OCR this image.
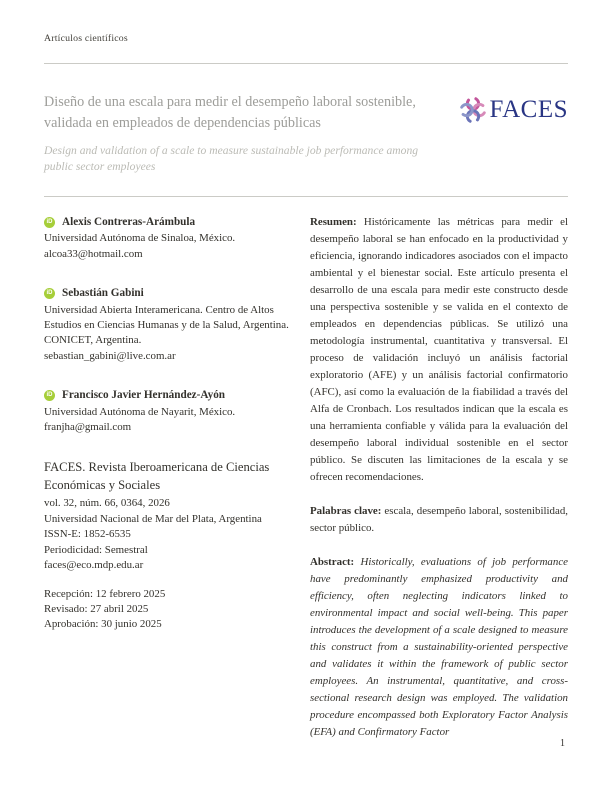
Artículos científicos
Diseño de una escala para medir el desempeño laboral sostenible, validada en empleados de dependencias públicas
Design and validation of a scale to measure sustainable job performance among public sector employees
FACES
iD Alexis Contreras-Arámbula
Universidad Autónoma de Sinaloa, México.
alcoa33@hotmail.com
iD Sebastián Gabini
Universidad Abierta Interamericana. Centro de Altos Estudios en Ciencias Humanas y de la Salud, Argentina.
CONICET, Argentina.
sebastian_gabini@live.com.ar
iD Francisco Javier Hernández-Ayón
Universidad Autónoma de Nayarit, México.
franjha@gmail.com
FACES. Revista Iberoamericana de Ciencias Económicas y Sociales
vol. 32, núm. 66, 0364, 2026
Universidad Nacional de Mar del Plata, Argentina
ISSN-E: 1852-6535
Periodicidad: Semestral
faces@eco.mdp.edu.ar
Recepción: 12 febrero 2025
Revisado: 27 abril 2025
Aprobación: 30 junio 2025

Resumen: Históricamente las métricas para medir el desempeño laboral se han enfocado en la productividad y eficiencia, ignorando indicadores asociados con el impacto ambiental y el bienestar social. Este artículo presenta el desarrollo de una escala para medir este constructo desde una perspectiva sostenible y se valida en el contexto de empleados en dependencias públicas. Se utilizó una metodología instrumental, cuantitativa y transversal. El proceso de validación incluyó un análisis factorial exploratorio (AFE) y un análisis factorial confirmatorio (AFC), así como la evaluación de la fiabilidad a través del Alfa de Cronbach. Los resultados indican que la escala es una herramienta confiable y válida para la evaluación del desempeño laboral individual sostenible en el sector público. Se discuten las limitaciones de la escala y se ofrecen recomendaciones.

Palabras clave: escala, desempeño laboral, sostenibilidad, sector público.

Abstract: Historically, evaluations of job performance have predominantly emphasized productivity and efficiency, often neglecting indicators linked to environmental impact and social well-being. This paper introduces the development of a scale designed to measure this construct from a sustainability-oriented perspective and validates it within the framework of public sector employees. An instrumental, quantitative, and cross-sectional research design was employed. The validation procedure encompassed both Exploratory Factor Analysis (EFA) and Confirmatory Factor

1
